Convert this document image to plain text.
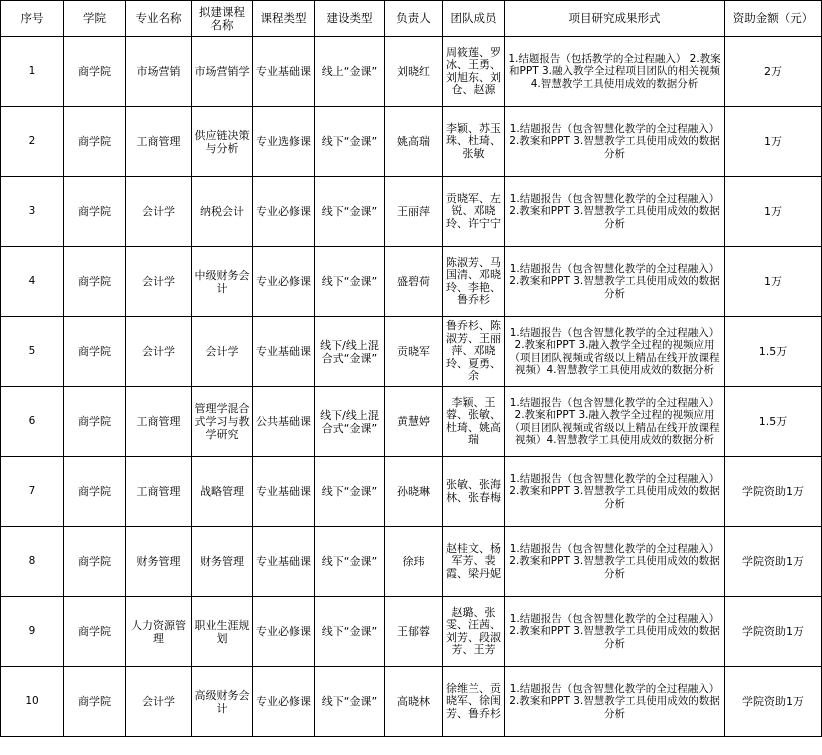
序号	学院	专业名称	拟建课程名称	课程类型	建设类型	负责人	团队成员	项目研究成果形式	资助金额（元）
1	商学院	市场营销	市场营销学	专业基础课	线上“金课”	刘晓红	周筱莲、罗冰、王勇、刘旭东、刘仓、赵源	1.结题报告（包括教学的全过程融入） 2.教案和PPT 3.融入教学全过程项目团队的相关视频 4.智慧教学工具使用成效的数据分析	2万
2	商学院	工商管理	供应链决策与分析	专业选修课	线下“金课”	姚高瑞	李颖、苏玉珠、杜琦、张敏	1.结题报告（包含智慧化教学的全过程融入） 2.教案和PPT 3.智慧教学工具使用成效的数据分析	1万
3	商学院	会计学	纳税会计	专业必修课	线下“金课”	王丽萍	贡晓军、左锐、邓晓玲、许宁宁	1.结题报告（包含智慧化教学的全过程融入） 2.教案和PPT 3.智慧教学工具使用成效的数据分析	1万
4	商学院	会计学	中级财务会计	专业必修课	线下“金课”	盛碧荷	陈淑芳、马国清、邓晓玲、李艳、鲁乔杉	1.结题报告（包含智慧化教学的全过程融入） 2.教案和PPT 3.智慧教学工具使用成效的数据分析	1万
5	商学院	会计学	会计学	专业基础课	线下/线上混合式“金课”	贡晓军	鲁乔杉、陈淑芳、王丽萍、邓晓玲、夏勇、余	1.结题报告（包含智慧化教学的全过程融入） 2.教案和PPT 3.融入教学全过程的视频应用（项目团队视频或省级以上精品在线开放课程视频）4.智慧教学工具使用成效的数据分析	1.5万
6	商学院	工商管理	管理学混合式学习与教学研究	公共基础课	线下/线上混合式“金课”	黄慧婷	李颖、王蓉、张敏、杜琦、姚高瑞	1.结题报告（包含智慧化教学的全过程融入） 2.教案和PPT 3.融入教学全过程的视频应用（项目团队视频或省级以上精品在线开放课程视频）4.智慧教学工具使用成效的数据分析	1.5万
7	商学院	工商管理	战略管理	专业基础课	线下“金课”	孙晓琳	张敏、张海林、张春梅	1.结题报告（包含智慧化教学的全过程融入） 2.教案和PPT 3.智慧教学工具使用成效的数据分析	学院资助1万
8	商学院	财务管理	财务管理	专业基础课	线下“金课”	徐玮	赵桂文、杨军芳、裴霞、梁丹妮	1.结题报告（包含智慧化教学的全过程融入） 2.教案和PPT 3.智慧教学工具使用成效的数据分析	学院资助1万
9	商学院	人力资源管理	职业生涯规划	专业必修课	线下“金课”	王郁蓉	赵璐、张雯、汪茜、刘芳、段淑芳、王芳	1.结题报告（包含智慧化教学的全过程融入） 2.教案和PPT 3.智慧教学工具使用成效的数据分析	学院资助1万
10	商学院	会计学	高级财务会计	专业必修课	线下“金课”	高晓林	徐维兰、贡晓军、徐闺芳、鲁乔杉	1.结题报告（包含智慧化教学的全过程融入） 2.教案和PPT 3.智慧教学工具使用成效的数据分析	学院资助1万
